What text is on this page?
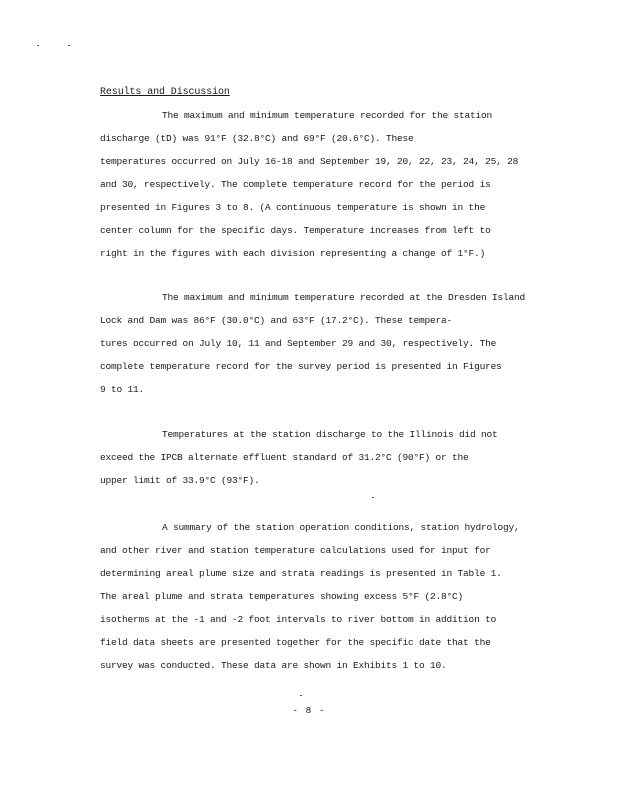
Results and Discussion
The maximum and minimum temperature recorded for the station
discharge (tD) was 91°F (32.8°C) and 69°F (20.6°C). These
temperatures occurred on July 16-18 and September 19, 20, 22, 23, 24, 25, 28
and 30, respectively. The complete temperature record for the period is
presented in Figures 3 to 8. (A continuous temperature is shown in the
center column for the specific days. Temperature increases from left to
right in the figures with each division representing a change of 1°F.)
The maximum and minimum temperature recorded at the Dresden Island
Lock and Dam was 86°F (30.0°C) and 63°F (17.2°C). These tempera-
tures occurred on July 10, 11 and September 29 and 30, respectively. The
complete temperature record for the survey period is presented in Figures
9 to 11.
Temperatures at the station discharge to the Illinois did not
exceed the IPCB alternate effluent standard of 31.2°C (90°F) or the
upper limit of 33.9°C (93°F).
A summary of the station operation conditions, station hydrology,
and other river and station temperature calculations used for input for
determining areal plume size and strata readings is presented in Table 1.
The areal plume and strata temperatures showing excess 5°F (2.8°C)
isotherms at the -1 and -2 foot intervals to river bottom in addition to
field data sheets are presented together for the specific date that the
survey was conducted. These data are shown in Exhibits 1 to 10.
- 8 -
